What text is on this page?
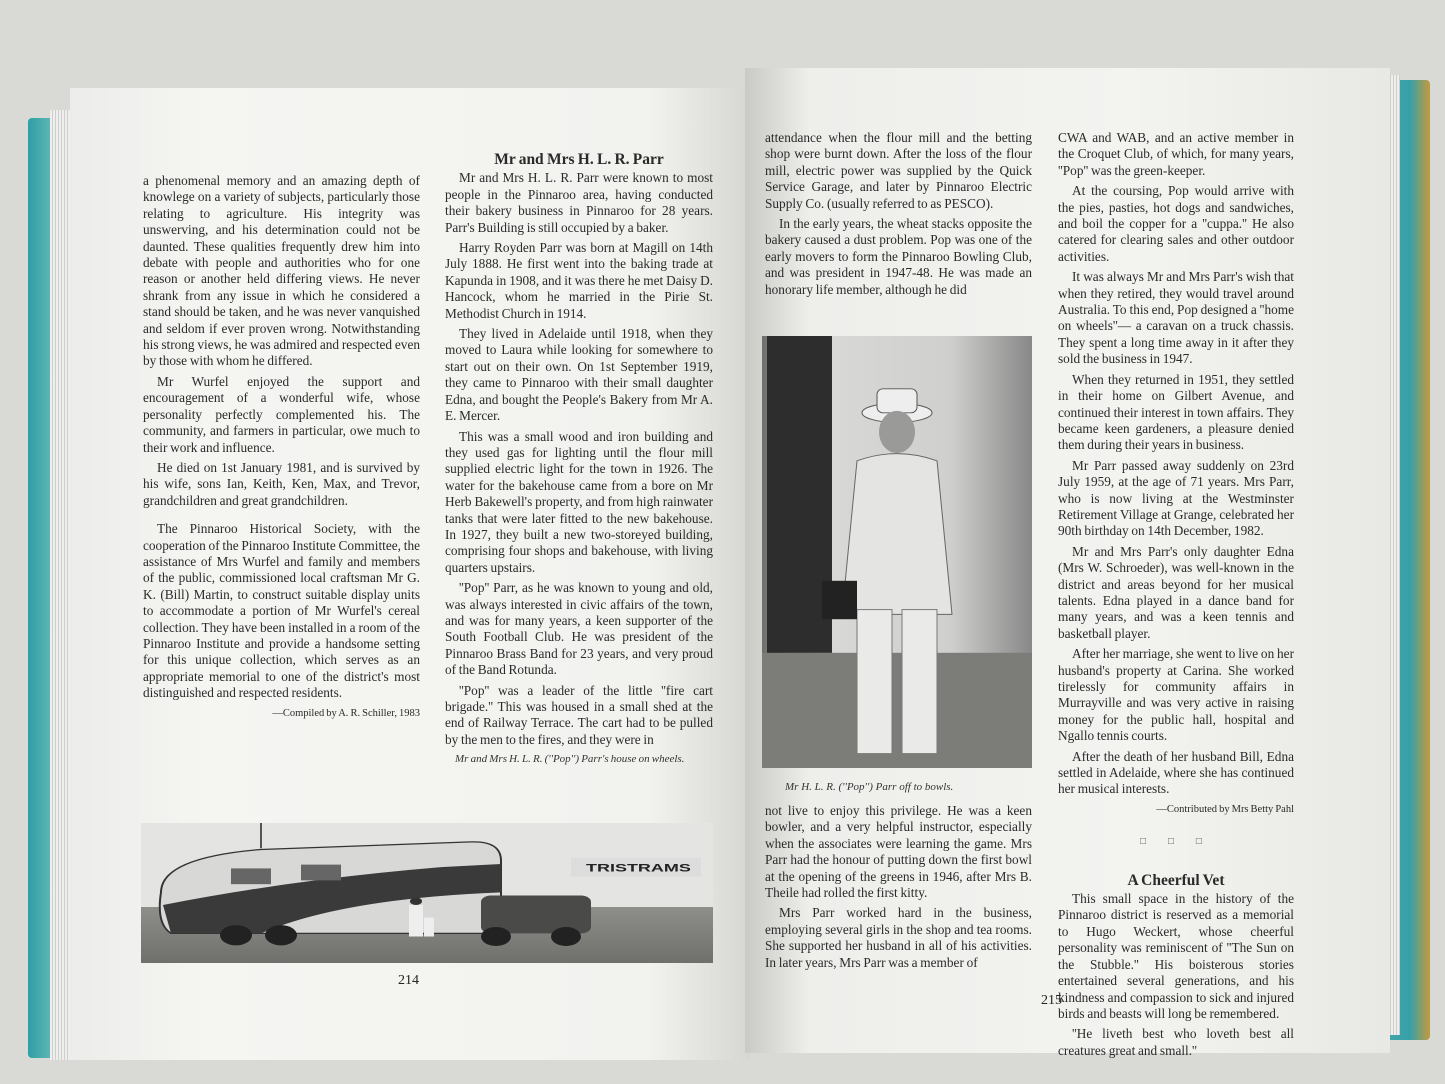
a phenomenal memory and an amazing depth of knowlege on a variety of subjects, particularly those relating to agriculture. His integrity was unswerving, and his determination could not be daunted. These qualities frequently drew him into debate with people and authorities who for one reason or another held differing views. He never shrank from any issue in which he considered a stand should be taken, and he was never vanquished and seldom if ever proven wrong. Notwithstanding his strong views, he was admired and respected even by those with whom he differed.

Mr Wurfel enjoyed the support and encouragement of a wonderful wife, whose personality perfectly complemented his. The community, and farmers in particular, owe much to their work and influence.

He died on 1st January 1981, and is survived by his wife, sons Ian, Keith, Ken, Max, and Trevor, grandchildren and great grandchildren.

The Pinnaroo Historical Society, with the cooperation of the Pinnaroo Institute Committee, the assistance of Mrs Wurfel and family and members of the public, commissioned local craftsman Mr G. K. (Bill) Martin, to construct suitable display units to accommodate a portion of Mr Wurfel's cereal collection. They have been installed in a room of the Pinnaroo Institute and provide a handsome setting for this unique collection, which serves as an appropriate memorial to one of the district's most distinguished and respected residents.

—Compiled by A. R. Schiller, 1983
Mr and Mrs H. L. R. Parr

Mr and Mrs H. L. R. Parr were known to most people in the Pinnaroo area, having conducted their bakery business in Pinnaroo for 28 years. Parr's Building is still occupied by a baker.

Harry Royden Parr was born at Magill on 14th July 1888. He first went into the baking trade at Kapunda in 1908, and it was there he met Daisy D. Hancock, whom he married in the Pirie St. Methodist Church in 1914.

They lived in Adelaide until 1918, when they moved to Laura while looking for somewhere to start out on their own. On 1st September 1919, they came to Pinnaroo with their small daughter Edna, and bought the People's Bakery from Mr A. E. Mercer.

This was a small wood and iron building and they used gas for lighting until the flour mill supplied electric light for the town in 1926. The water for the bakehouse came from a bore on Mr Herb Bakewell's property, and from high rainwater tanks that were later fitted to the new bakehouse. In 1927, they built a new two-storeyed building, comprising four shops and bakehouse, with living quarters upstairs.

''Pop'' Parr, as he was known to young and old, was always interested in civic affairs of the town, and was for many years, a keen supporter of the South Football Club. He was president of the Pinnaroo Brass Band for 23 years, and very proud of the Band Rotunda.

''Pop'' was a leader of the little ''fire cart brigade.'' This was housed in a small shed at the end of Railway Terrace. The cart had to be pulled by the men to the fires, and they were in

Mr and Mrs H. L. R. (''Pop'') Parr's house on wheels.
TRISTRAMS
214

attendance when the flour mill and the betting shop were burnt down. After the loss of the flour mill, electric power was supplied by the Quick Service Garage, and later by Pinnaroo Electric Supply Co. (usually referred to as PESCO).

In the early years, the wheat stacks opposite the bakery caused a dust problem. Pop was one of the early movers to form the Pinnaroo Bowling Club, and was president in 1947-48. He was made an honorary life member, although he did

Mr H. L. R. (''Pop'') Parr off to bowls.

not live to enjoy this privilege. He was a keen bowler, and a very helpful instructor, especially when the associates were learning the game. Mrs Parr had the honour of putting down the first bowl at the opening of the greens in 1946, after Mrs B. Theile had rolled the first kitty.

Mrs Parr worked hard in the business, employing several girls in the shop and tea rooms. She supported her husband in all of his activities. In later years, Mrs Parr was a member of

CWA and WAB, and an active member in the Croquet Club, of which, for many years, ''Pop'' was the green-keeper.

At the coursing, Pop would arrive with the pies, pasties, hot dogs and sandwiches, and boil the copper for a ''cuppa.'' He also catered for clearing sales and other outdoor activities.

It was always Mr and Mrs Parr's wish that when they retired, they would travel around Australia. To this end, Pop designed a ''home on wheels''— a caravan on a truck chassis. They spent a long time away in it after they sold the business in 1947.

When they returned in 1951, they settled in their home on Gilbert Avenue, and continued their interest in town affairs. They became keen gardeners, a pleasure denied them during their years in business.

Mr Parr passed away suddenly on 23rd July 1959, at the age of 71 years. Mrs Parr, who is now living at the Westminster Retirement Village at Grange, celebrated her 90th birthday on 14th December, 1982.

Mr and Mrs Parr's only daughter Edna (Mrs W. Schroeder), was well-known in the district and areas beyond for her musical talents. Edna played in a dance band for many years, and was a keen tennis and basketball player.

After her marriage, she went to live on her husband's property at Carina. She worked tirelessly for community affairs in Murrayville and was very active in raising money for the public hall, hospital and Ngallo tennis courts.

After the death of her husband Bill, Edna settled in Adelaide, where she has continued her musical interests.

—Contributed by Mrs Betty Pahl
□ □ □
A Cheerful Vet

This small space in the history of the Pinnaroo district is reserved as a memorial to Hugo Weckert, whose cheerful personality was reminiscent of ''The Sun on the Stubble.'' His boisterous stories entertained several generations, and his kindness and compassion to sick and injured birds and beasts will long be remembered.

''He liveth best who loveth best all creatures great and small.''

215
